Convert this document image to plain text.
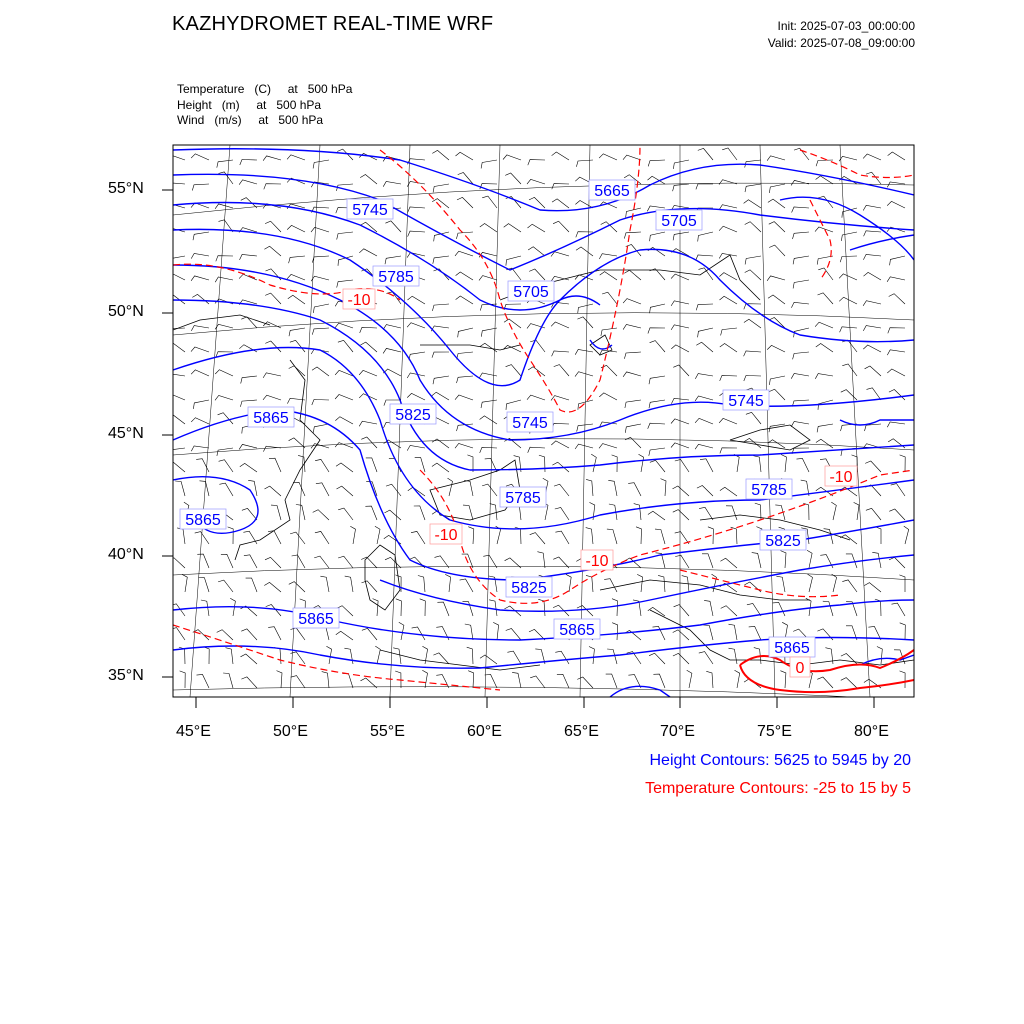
KAZHYDROMET REAL-TIME WRF	Init: 2025-07-03_00:00:00
Valid: 2025-07-08_09:00:00
Temperature   (C)     at   500 hPa
Height   (m)     at   500 hPa
Wind   (m/s)     at   500 hPa
5665
5705
5745
5785
5705
5825	5745
5865
5745
5785	5785
5865
5825
5825
5865
5865
5865
-10
-10
-10
-10
0
55°N
50°N
45°N
40°N
35°N
45°E	50°E	55°E	60°E	65°E	70°E	75°E	80°E
Height Contours: 5625 to 5945 by 20
Temperature Contours: -25 to 15 by 5
